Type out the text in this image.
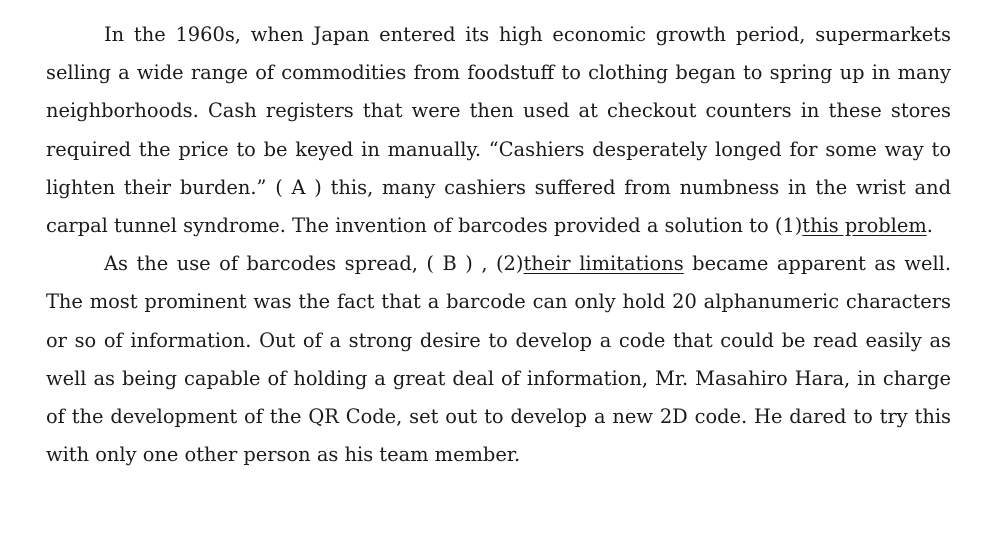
In the 1960s, when Japan entered its high economic growth period, supermarkets selling a wide range of commodities from foodstuff to clothing began to spring up in many neighborhoods. Cash registers that were then used at checkout counters in these stores required the price to be keyed in manually. “Cashiers desperately longed for some way to lighten their burden.” ( A ) this, many cashiers suffered from numbness in the wrist and carpal tunnel syndrome. The invention of barcodes provided a solution to (1)this problem.

As the use of barcodes spread, ( B ) , (2)their limitations became apparent as well. The most prominent was the fact that a barcode can only hold 20 alphanumeric characters or so of information. Out of a strong desire to develop a code that could be read easily as well as being capable of holding a great deal of information, Mr. Masahiro Hara, in charge of the development of the QR Code, set out to develop a new 2D code. He dared to try this with only one other person as his team member.
